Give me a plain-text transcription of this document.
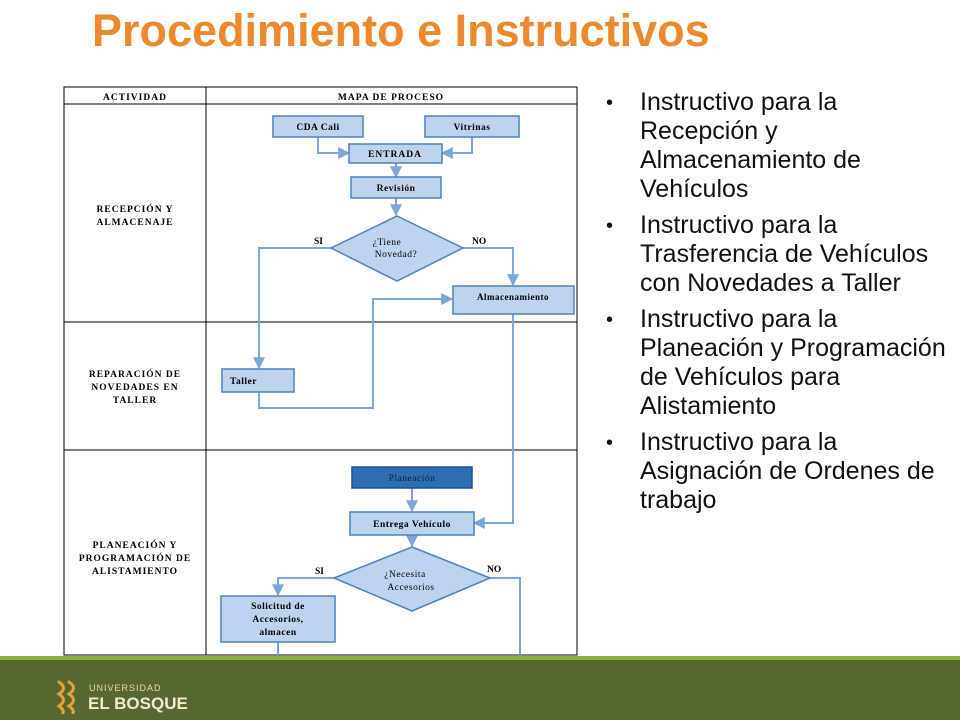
Procedimiento e Instructivos
ACTIVIDAD	MAPA DE PROCESO
RECEPCIÓN Y
ALMACENAJE
REPARACIÓN DE
NOVEDADES EN
TALLER
PLANEACIÓN Y
PROGRAMACIÓN DE
ALISTAMIENTO
CDA Cali	Vitrinas
ENTRADA
Revisión
¿Tiene
Novedad?
SI	NO
Almacenamiento
Taller
Planeación
Entrega Vehículo
¿Necesita
Accesorios
SI	NO
Solicitud de
Accesorios,
almacen
• Instructivo para la Recepción y Almacenamiento de Vehículos
• Instructivo para la Trasferencia de Vehículos con Novedades a Taller
• Instructivo para la Planeación y Programación de Vehículos para Alistamiento
• Instructivo para la Asignación de Ordenes de trabajo
UNIVERSIDAD
EL BOSQUE
